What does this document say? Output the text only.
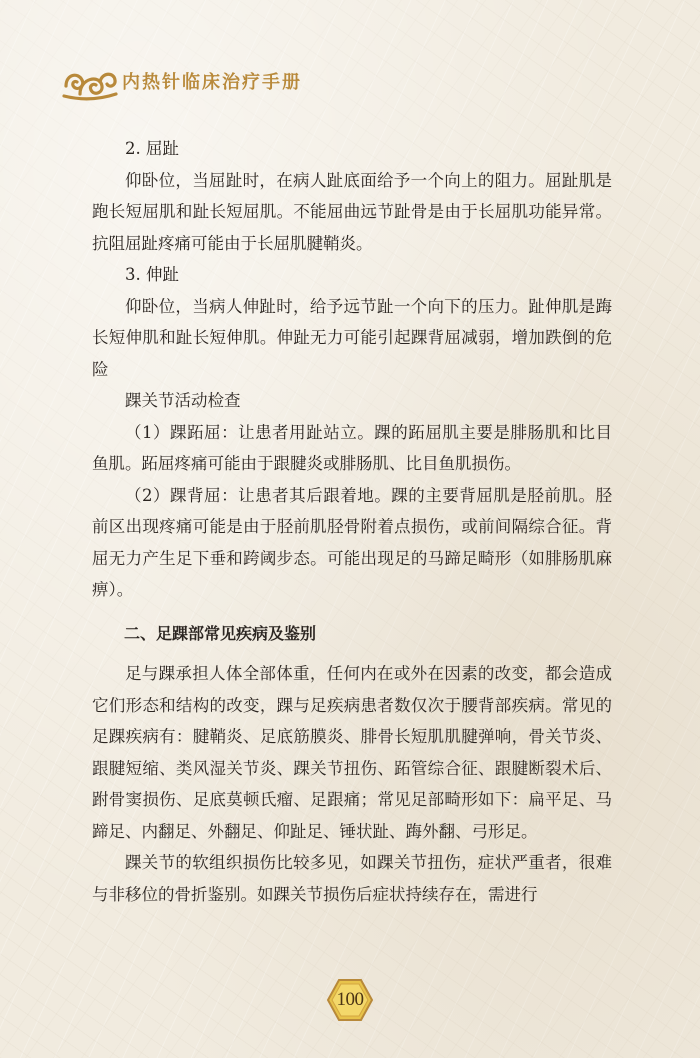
内热针临床治疗手册

2. 屈趾

仰卧位，当屈趾时，在病人趾底面给予一个向上的阻力。屈趾肌是跑长短屈肌和趾长短屈肌。不能屈曲远节趾骨是由于长屈肌功能异常。抗阻屈趾疼痛可能由于长屈肌腱鞘炎。

3. 伸趾

仰卧位，当病人伸趾时，给予远节趾一个向下的压力。趾伸肌是踇长短伸肌和趾长短伸肌。伸趾无力可能引起踝背屈减弱，增加跌倒的危险

踝关节活动检查

（1）踝跖屈：让患者用趾站立。踝的跖屈肌主要是腓肠肌和比目鱼肌。跖屈疼痛可能由于跟腱炎或腓肠肌、比目鱼肌损伤。

（2）踝背屈：让患者其后跟着地。踝的主要背屈肌是胫前肌。胫前区出现疼痛可能是由于胫前肌胫骨附着点损伤，或前间隔综合征。背屈无力产生足下垂和跨阈步态。可能出现足的马蹄足畸形（如腓肠肌麻痹）。

二、足踝部常见疾病及鉴别

足与踝承担人体全部体重，任何内在或外在因素的改变，都会造成它们形态和结构的改变，踝与足疾病患者数仅次于腰背部疾病。常见的足踝疾病有：腱鞘炎、足底筋膜炎、腓骨长短肌肌腱弹响，骨关节炎、跟腱短缩、类风湿关节炎、踝关节扭伤、跖管综合征、跟腱断裂术后、跗骨窦损伤、足底莫顿氏瘤、足跟痛；常见足部畸形如下：扁平足、马蹄足、内翻足、外翻足、仰趾足、锤状趾、踇外翻、弓形足。

踝关节的软组织损伤比较多见，如踝关节扭伤，症状严重者，很难与非移位的骨折鉴别。如踝关节损伤后症状持续存在，需进行

100
